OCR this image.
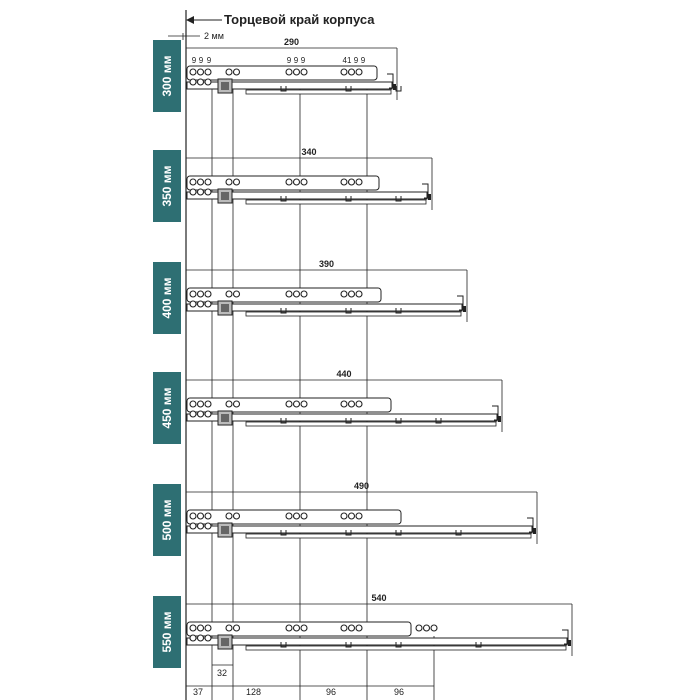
Торцевой край корпуса
2 мм
300 мм
290
9 9 9	9 9 9	41 9 9
350 мм
340
400 мм
390
450 мм
440
500 мм
490
550 мм
540
37	128	96	96
32
